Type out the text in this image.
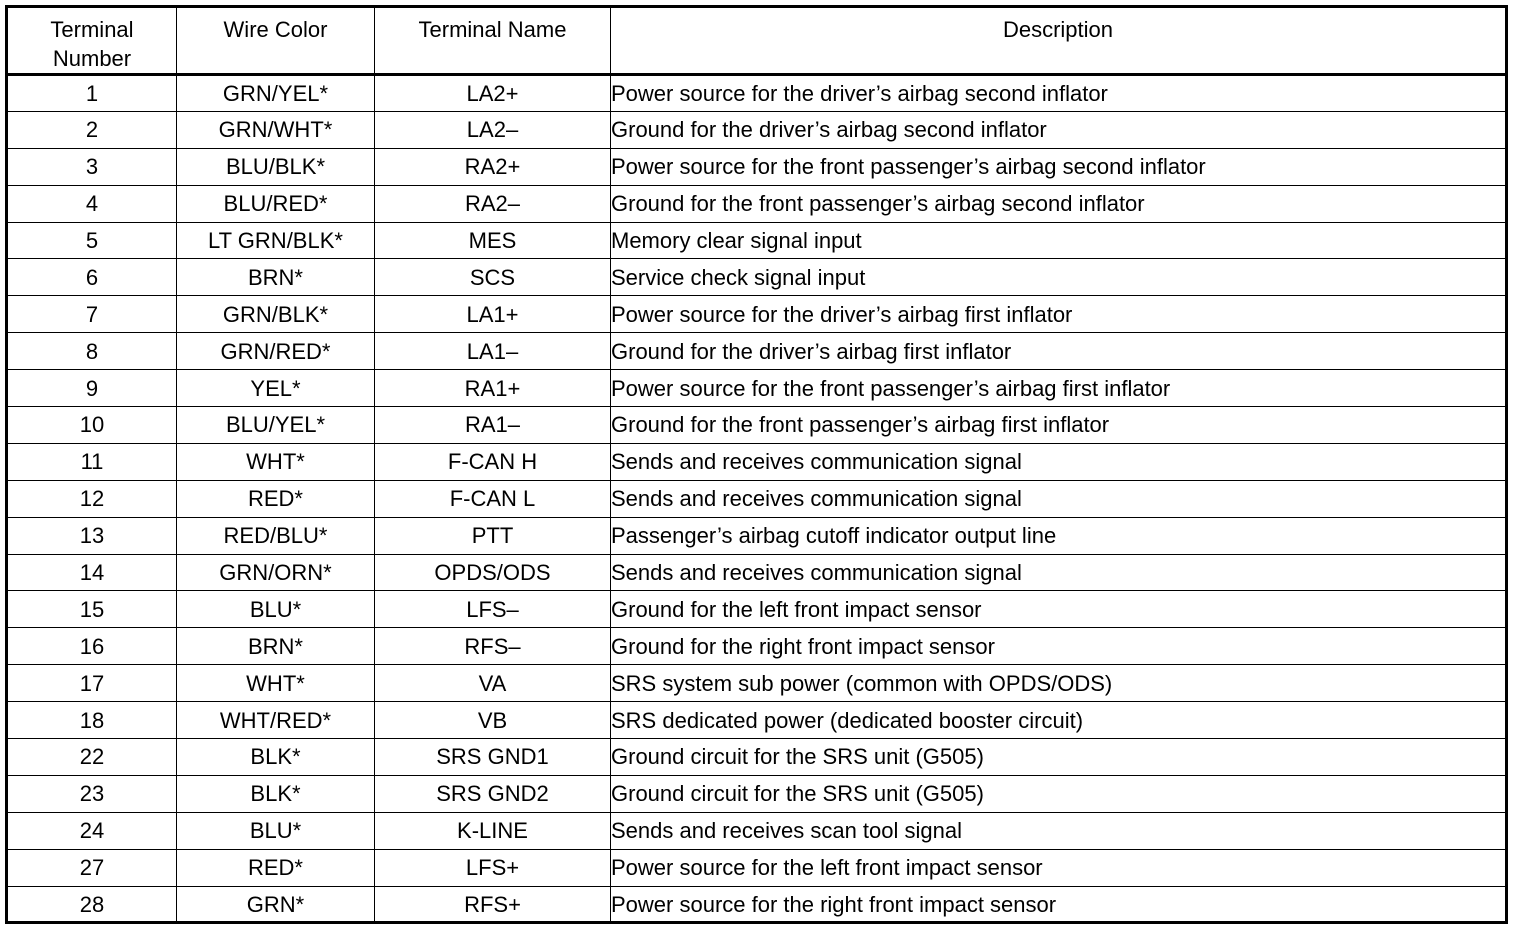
Terminal
Number	Wire Color	Terminal Name	Description
1	GRN/YEL*	LA2+	Power source for the driver’s airbag second inflator
2	GRN/WHT*	LA2–	Ground for the driver’s airbag second inflator
3	BLU/BLK*	RA2+	Power source for the front passenger’s airbag second inflator
4	BLU/RED*	RA2–	Ground for the front passenger’s airbag second inflator
5	LT GRN/BLK*	MES	Memory clear signal input
6	BRN*	SCS	Service check signal input
7	GRN/BLK*	LA1+	Power source for the driver’s airbag first inflator
8	GRN/RED*	LA1–	Ground for the driver’s airbag first inflator
9	YEL*	RA1+	Power source for the front passenger’s airbag first inflator
10	BLU/YEL*	RA1–	Ground for the front passenger’s airbag first inflator
11	WHT*	F-CAN H	Sends and receives communication signal
12	RED*	F-CAN L	Sends and receives communication signal
13	RED/BLU*	PTT	Passenger’s airbag cutoff indicator output line
14	GRN/ORN*	OPDS/ODS	Sends and receives communication signal
15	BLU*	LFS–	Ground for the left front impact sensor
16	BRN*	RFS–	Ground for the right front impact sensor
17	WHT*	VA	SRS system sub power (common with OPDS/ODS)
18	WHT/RED*	VB	SRS dedicated power (dedicated booster circuit)
22	BLK*	SRS GND1	Ground circuit for the SRS unit (G505)
23	BLK*	SRS GND2	Ground circuit for the SRS unit (G505)
24	BLU*	K-LINE	Sends and receives scan tool signal
27	RED*	LFS+	Power source for the left front impact sensor
28	GRN*	RFS+	Power source for the right front impact sensor
